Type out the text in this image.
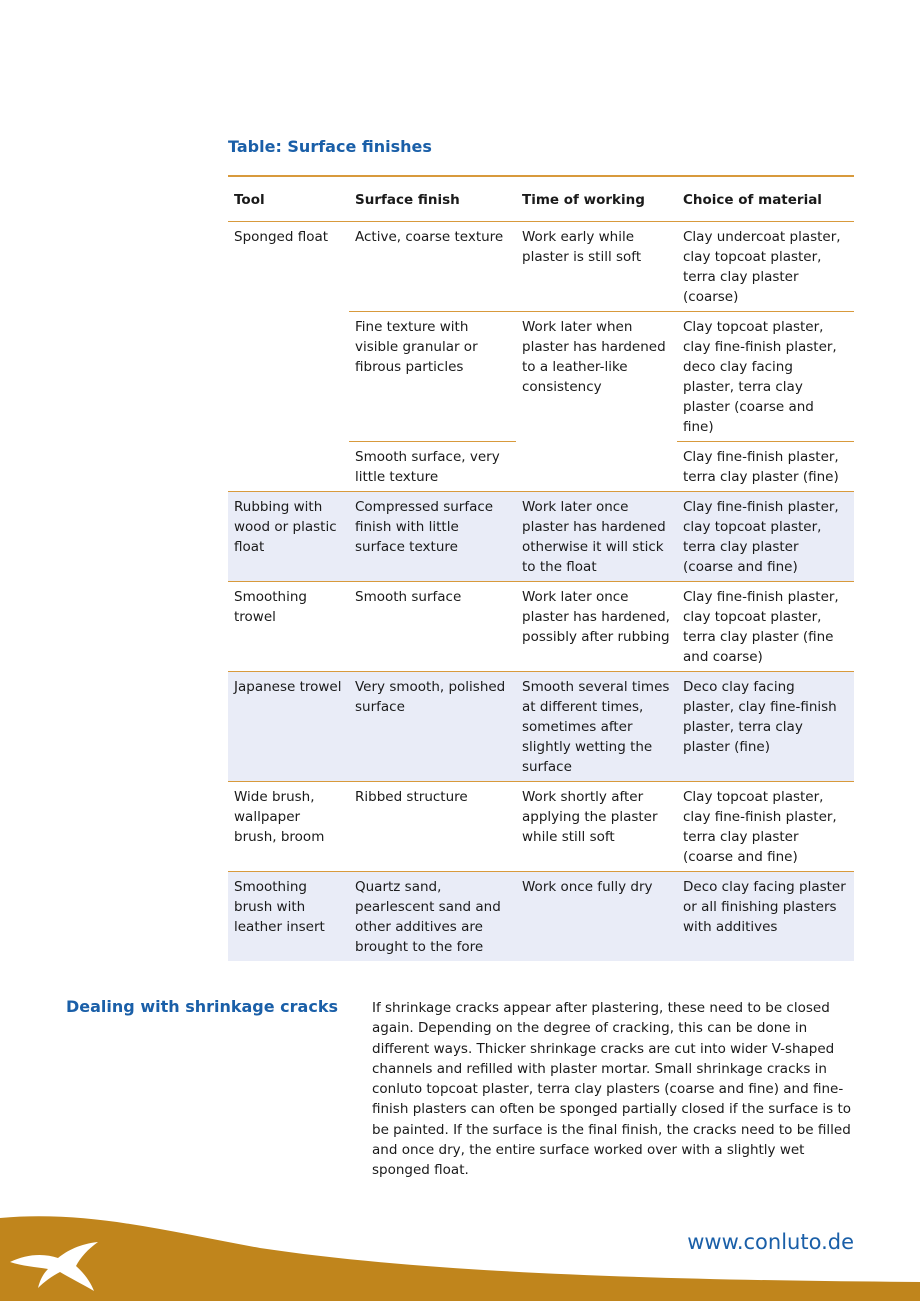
Table: Surface finishes
Tool	Surface finish	Time of working	Choice of material
Sponged float	Active, coarse texture	Work early while plaster is still soft	Clay undercoat plaster, clay topcoat plaster, terra clay plaster (coarse)
	Fine texture with visible granular or fibrous particles	Work later when plaster has hardened to a leather-like consistency	Clay topcoat plaster, clay fine-finish plaster, deco clay facing plaster, terra clay plaster (coarse and fine)
	Smooth surface, very little texture		Clay fine-finish plaster, terra clay plaster (fine)
Rubbing with wood or plastic float	Compressed surface finish with little surface texture	Work later once plaster has hardened otherwise it will stick to the float	Clay fine-finish plaster, clay topcoat plaster, terra clay plaster (coarse and fine)
Smoothing trowel	Smooth surface	Work later once plaster has hardened, possibly after rubbing	Clay fine-finish plaster, clay topcoat plaster, terra clay plaster (fine and coarse)
Japanese trowel	Very smooth, polished surface	Smooth several times at different times, sometimes after slightly wetting the surface	Deco clay facing plaster, clay fine-finish plaster, terra clay plaster (fine)
Wide brush, wallpaper brush, broom	Ribbed structure	Work shortly after applying the plaster while still soft	Clay topcoat plaster, clay fine-finish plaster, terra clay plaster (coarse and fine)
Smoothing brush with leather insert	Quartz sand, pearlescent sand and other additives are brought to the fore	Work once fully dry	Deco clay facing plaster or all finishing plasters with additives
Dealing with shrinkage cracks	If shrinkage cracks appear after plastering, these need to be closed again. Depending on the degree of cracking, this can be done in different ways. Thicker shrinkage cracks are cut into wider V-shaped channels and refilled with plaster mortar. Small shrinkage cracks in conluto topcoat plaster, terra clay plasters (coarse and fine) and fine-finish plasters can often be sponged partially closed if the surface is to be painted. If the surface is the final finish, the cracks need to be filled and once dry, the entire surface worked over with a slightly wet sponged float.

www.conluto.de
